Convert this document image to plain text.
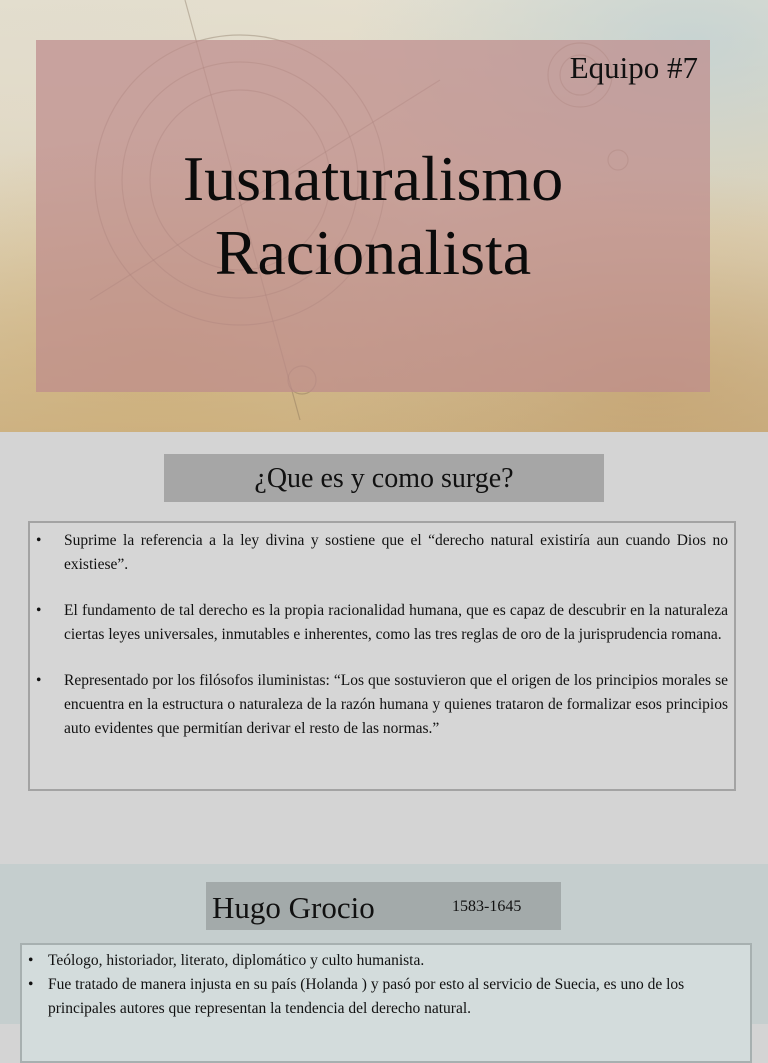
Equipo #7
Iusnaturalismo
Racionalista
¿Que es y como surge?
• Suprime la referencia a la ley divina y sostiene que el “derecho natural existiría aun cuando Dios no existiese”.
• El fundamento de tal derecho es la propia racionalidad humana, que es capaz de descubrir en la naturaleza ciertas leyes universales, inmutables e inherentes, como las tres reglas de oro de la jurisprudencia romana.
• Representado por los filósofos iluministas: “Los que sostuvieron que el origen de los principios morales se encuentra en la estructura o naturaleza de la razón humana y quienes trataron de formalizar esos principios auto evidentes que permitían derivar el resto de las normas.”
Hugo Grocio	1583-1645
• Teólogo, historiador, literato, diplomático y culto humanista.
• Fue tratado de manera injusta en su país (Holanda ) y pasó por esto al servicio de Suecia, es uno de los principales autores que representan la tendencia del derecho natural.
